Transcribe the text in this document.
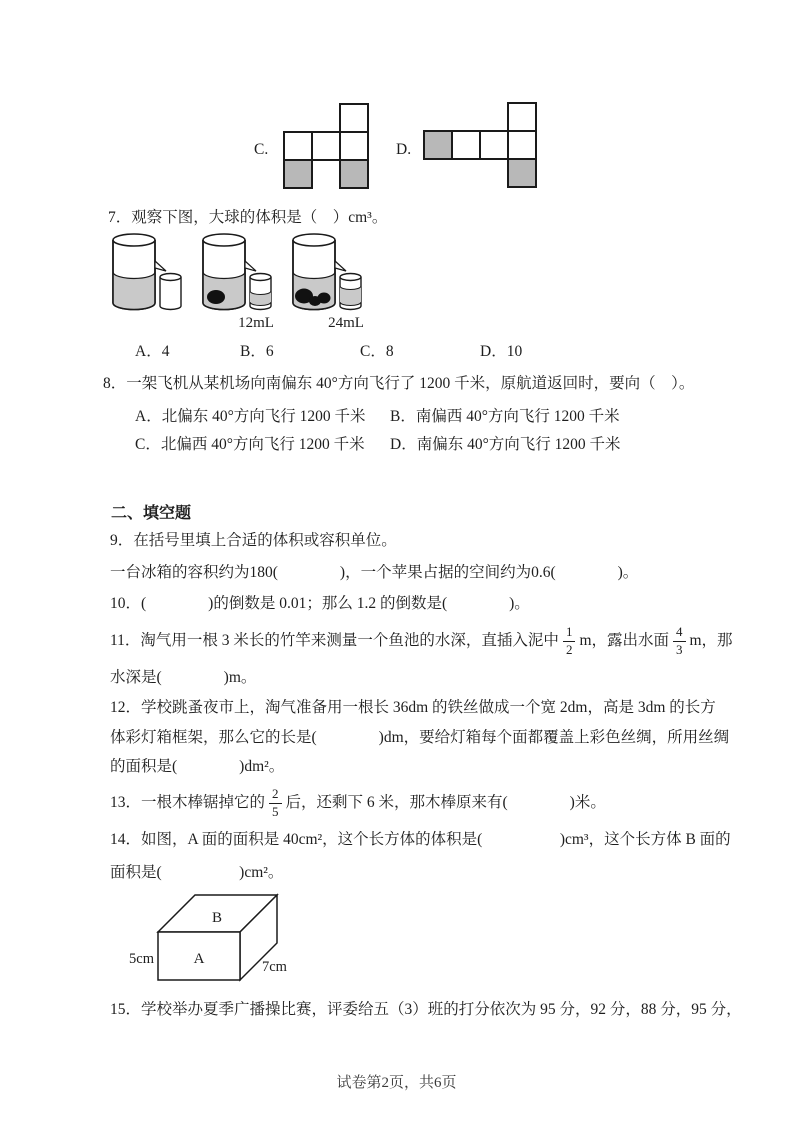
C.	D.
7．观察下图，大球的体积是（　）cm³。
12mL	24mL
A．4	B．6	C．8	D．10
8．一架飞机从某机场向南偏东 40°方向飞行了 1200 千米，原航道返回时，要向（　）。
A．北偏东 40°方向飞行 1200 千米 B．南偏西 40°方向飞行 1200 千米
C．北偏西 40°方向飞行 1200 千米 D．南偏东 40°方向飞行 1200 千米
二、填空题
9．在括号里填上合适的体积或容积单位。
一台冰箱的容积约为180(　　　　)，一个苹果占据的空间约为0.6(　　　　)。
10．(　　　　)的倒数是 0.01；那么 1.2 的倒数是(　　　　)。
11．淘气用一根 3 米长的竹竿来测量一个鱼池的水深，直插入泥中 $\frac{1}{2}$ m，露出水面 $\frac{4}{3}$ m，那
水深是(　　　　)m。
12．学校跳蚤夜市上，淘气准备用一根长 36dm 的铁丝做成一个宽 2dm，高是 3dm 的长方
体彩灯箱框架，那么它的长是(　　　　)dm，要给灯箱每个面都覆盖上彩色丝绸，所用丝绸
的面积是(　　　　)dm²。
13．一根木棒锯掉它的 $\frac{2}{5}$ 后，还剩下 6 米，那木棒原来有(　　　　)米。
14．如图，A 面的面积是 40cm²，这个长方体的体积是(　　　　　)cm³，这个长方体 B 面的
面积是(　　　　　)cm²。
B
A
5cm	7cm
15．学校举办夏季广播操比赛，评委给五（3）班的打分依次为 95 分，92 分，88 分，95 分，
试卷第2页，共6页
